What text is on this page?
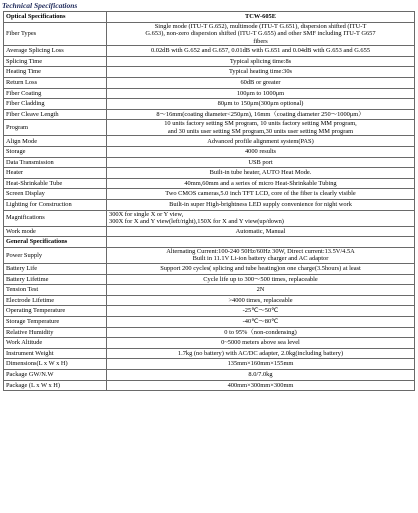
Technical Specifications
Optical Specifications	TCW-605E
Fiber Types	Single mode (ITU-T G.652), multimode (ITU-T G.651), dispersion shifted (ITU-T
G.653), non-zero dispersion shifted (ITU-T G.655) and other SMF including ITU-T G657
fibers

Average Splicing Loss	0.02dB with G.652 and G.657, 0.01dB with G.651 and 0.04dB with G.653 and G.655

Splicing Time	Typical splicing time:8s

Heating Time	Typical heating time:30s

Return Loss	60dB or greater

Fiber Coating	100μm to 1000μm

Fiber Cladding	80μm to 150μm(300μm optional)

Fiber Cleave Length	8～16mm(coating diameter<250μm), 16mm（coating diameter 250～1000μm）

Program	10 units factory setting SM program, 10 units factory setting MM program,
and 30 units user setting SM program,30 units user setting MM program

Align Mode	Advanced profile alignment system(PAS)

Storage	4000 results

Data Transmission	USB port

Heater	Built-in tube heater, AUTO Heat Mode.

Heat-Shrinkable Tube	40mm,60mm and a series of micro Heat-Shrinkable Tubing

Screen Display	Two CMOS cameras,5.0 inch TFT LCD, core of the fiber is clearly visible

Lighting for Construction	Built-in super High-brightness LED supply convenience for night work

Magnifications	300X for single X or Y view,
300X for X and Y view(left/right),150X for X and Y view(up/down)

Work mode	Automatic, Manual

General Specifications	
Power Supply	Alternating Current:100-240 50Hz/60Hz 30W, Direct current:13.5V/4.5A
Built in 11.1V Li-ion battery charger and AC adaptor

Battery Life	Support 200 cycles( splicing and tube heating)on one charge(3.5hours) at least

Battery Lifetime	Cycle life up to 300～500 times, replaceable

Tension Test	2N

Electrode Lifetime	>4000 times, replaceable

Operating Temperature	-25℃～50℃

Storage Temperature	-40℃～80℃

Relative Humidity	0 to 95%（non-condensing)

Work Altitude	0~5000 meters above sea level

Instrument Weight	1.7kg (no battery) with AC/DC adapter, 2.0kg(including battery)

Dimensions(L x W x H)	135mm×160mm×155mm

Package GW/N.W	8.0/7.0kg

Package (L x W x H)	400mm×300mm×300mm
